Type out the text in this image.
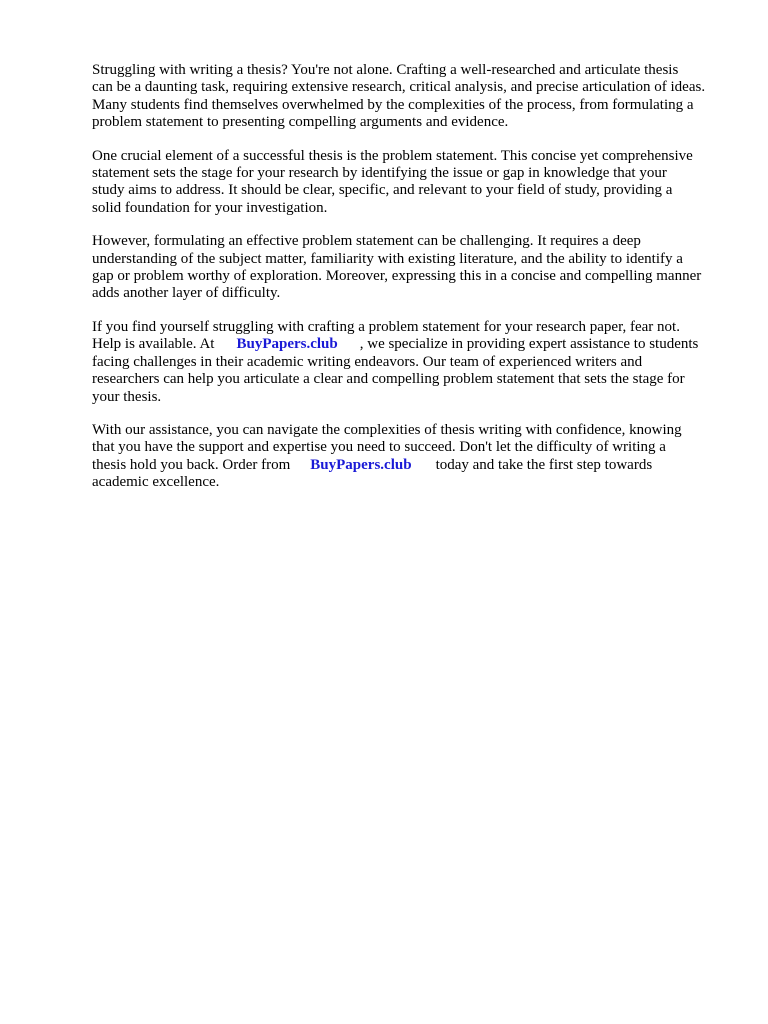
Struggling with writing a thesis? You're not alone. Crafting a well-researched and articulate thesis
can be a daunting task, requiring extensive research, critical analysis, and precise articulation of ideas.
Many students find themselves overwhelmed by the complexities of the process, from formulating a
problem statement to presenting compelling arguments and evidence.

One crucial element of a successful thesis is the problem statement. This concise yet comprehensive
statement sets the stage for your research by identifying the issue or gap in knowledge that your
study aims to address. It should be clear, specific, and relevant to your field of study, providing a
solid foundation for your investigation.

However, formulating an effective problem statement can be challenging. It requires a deep
understanding of the subject matter, familiarity with existing literature, and the ability to identify a
gap or problem worthy of exploration. Moreover, expressing this in a concise and compelling manner
adds another layer of difficulty.

If you find yourself struggling with crafting a problem statement for your research paper, fear not.
Help is available. At BuyPapers.club , we specialize in providing expert assistance to students
facing challenges in their academic writing endeavors. Our team of experienced writers and
researchers can help you articulate a clear and compelling problem statement that sets the stage for
your thesis.

With our assistance, you can navigate the complexities of thesis writing with confidence, knowing
that you have the support and expertise you need to succeed. Don't let the difficulty of writing a
thesis hold you back. Order from BuyPapers.club today and take the first step towards
academic excellence.
